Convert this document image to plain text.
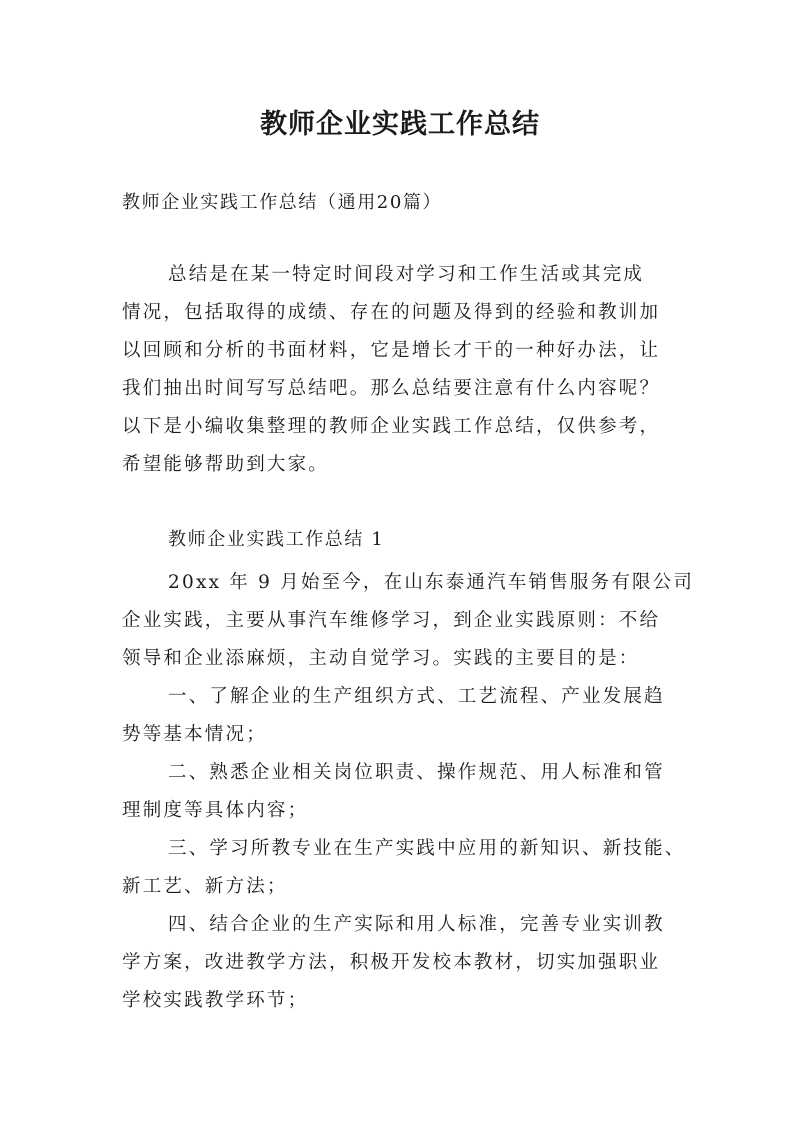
教师企业实践工作总结
教师企业实践工作总结（通用20篇）
总结是在某一特定时间段对学习和工作生活或其完成
情况，包括取得的成绩、存在的问题及得到的经验和教训加
以回顾和分析的书面材料，它是增长才干的一种好办法，让
我们抽出时间写写总结吧。那么总结要注意有什么内容呢？
以下是小编收集整理的教师企业实践工作总结，仅供参考，
希望能够帮助到大家。
教师企业实践工作总结 1
20xx 年 9 月始至今，在山东泰通汽车销售服务有限公司
企业实践，主要从事汽车维修学习，到企业实践原则：不给
领导和企业添麻烦，主动自觉学习。实践的主要目的是：
一、了解企业的生产组织方式、工艺流程、产业发展趋
势等基本情况；
二、熟悉企业相关岗位职责、操作规范、用人标准和管
理制度等具体内容；
三、学习所教专业在生产实践中应用的新知识、新技能、
新工艺、新方法；
四、结合企业的生产实际和用人标准，完善专业实训教
学方案，改进教学方法，积极开发校本教材，切实加强职业
学校实践教学环节；
